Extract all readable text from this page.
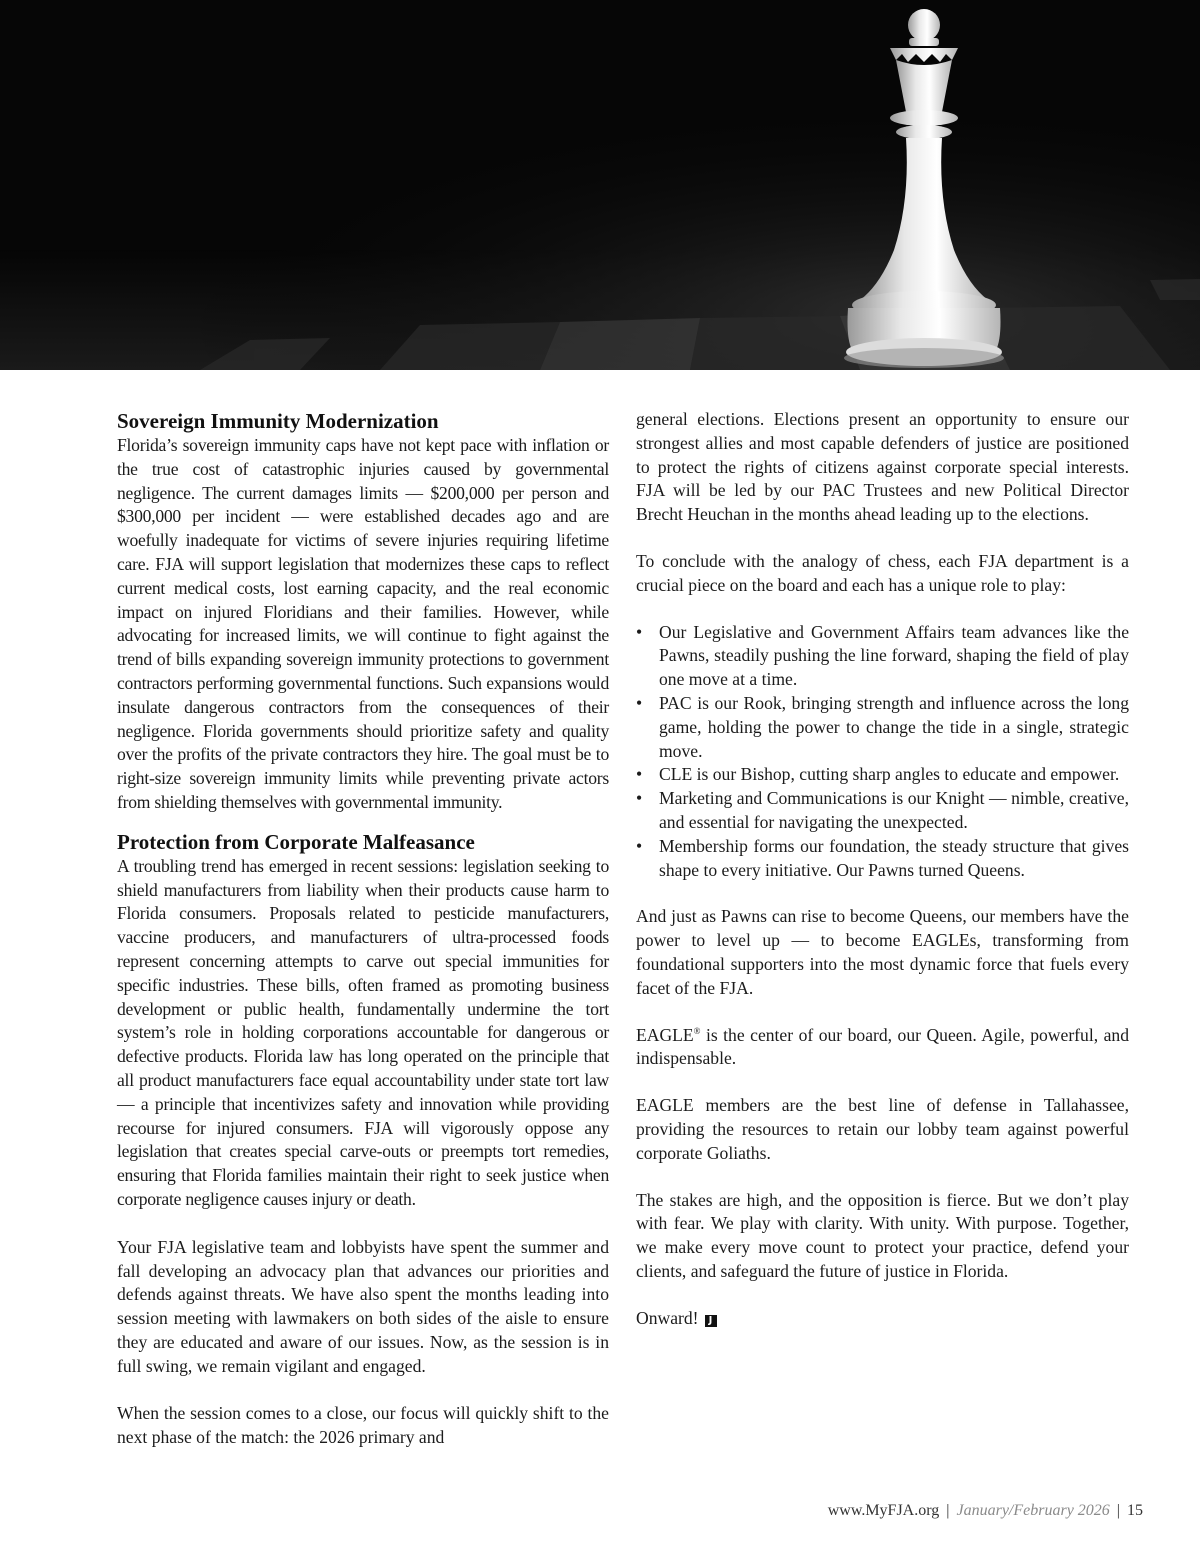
Sovereign Immunity Modernization

Florida’s sovereign immunity caps have not kept pace with inflation or the true cost of catastrophic injuries caused by governmental negligence. The current damages limits — $200,000 per person and $300,000 per incident — were established decades ago and are woefully inadequate for victims of severe injuries requiring lifetime care. FJA will support legislation that modernizes these caps to reflect current medical costs, lost earning capacity, and the real economic impact on injured Floridians and their families. However, while advocating for increased limits, we will continue to fight against the trend of bills expanding sovereign immunity protections to government contractors performing governmental functions. Such expansions would insulate dangerous contractors from the consequences of their negligence. Florida governments should prioritize safety and quality over the profits of the private contractors they hire. The goal must be to right-size sovereign immunity limits while preventing private actors from shielding themselves with governmental immunity.

Protection from Corporate Malfeasance

A troubling trend has emerged in recent sessions: legislation seeking to shield manufacturers from liability when their products cause harm to Florida consumers. Proposals related to pesticide manufacturers, vaccine producers, and manufacturers of ultra-processed foods represent concerning attempts to carve out special immunities for specific industries. These bills, often framed as promoting business development or public health, fundamentally undermine the tort system’s role in holding corporations accountable for dangerous or defective products. Florida law has long operated on the principle that all product manufacturers face equal accountability under state tort law — a principle that incentivizes safety and innovation while providing recourse for injured consumers. FJA will vigorously oppose any legislation that creates special carve-outs or preempts tort remedies, ensuring that Florida families maintain their right to seek justice when corporate negligence causes injury or death.

Your FJA legislative team and lobbyists have spent the summer and fall developing an advocacy plan that advances our priorities and defends against threats. We have also spent the months leading into session meeting with lawmakers on both sides of the aisle to ensure they are educated and aware of our issues. Now, as the session is in full swing, we remain vigilant and engaged.

When the session comes to a close, our focus will quickly shift to the next phase of the match: the 2026 primary and

general elections. Elections present an opportunity to ensure our strongest allies and most capable defenders of justice are positioned to protect the rights of citizens against corporate special interests. FJA will be led by our PAC Trustees and new Political Director Brecht Heuchan in the months ahead leading up to the elections.

To conclude with the analogy of chess, each FJA department is a crucial piece on the board and each has a unique role to play:

• Our Legislative and Government Affairs team advances like the Pawns, steadily pushing the line forward, shaping the field of play one move at a time.
• PAC is our Rook, bringing strength and influence across the long game, holding the power to change the tide in a single, strategic move.
• CLE is our Bishop, cutting sharp angles to educate and empower.
• Marketing and Communications is our Knight — nimble, creative, and essential for navigating the unexpected.
• Membership forms our foundation, the steady structure that gives shape to every initiative. Our Pawns turned Queens.

And just as Pawns can rise to become Queens, our members have the power to level up — to become EAGLEs, transforming from foundational supporters into the most dynamic force that fuels every facet of the FJA.

EAGLE® is the center of our board, our Queen. Agile, powerful, and indispensable.

EAGLE members are the best line of defense in Tallahassee, providing the resources to retain our lobby team against powerful corporate Goliaths.

The stakes are high, and the opposition is fierce. But we don’t play with fear. We play with clarity. With unity. With purpose. Together, we make every move count to protect your practice, defend your clients, and safeguard the future of justice in Florida.

Onward! J

www.MyFJA.org | January/February 2026 | 15
